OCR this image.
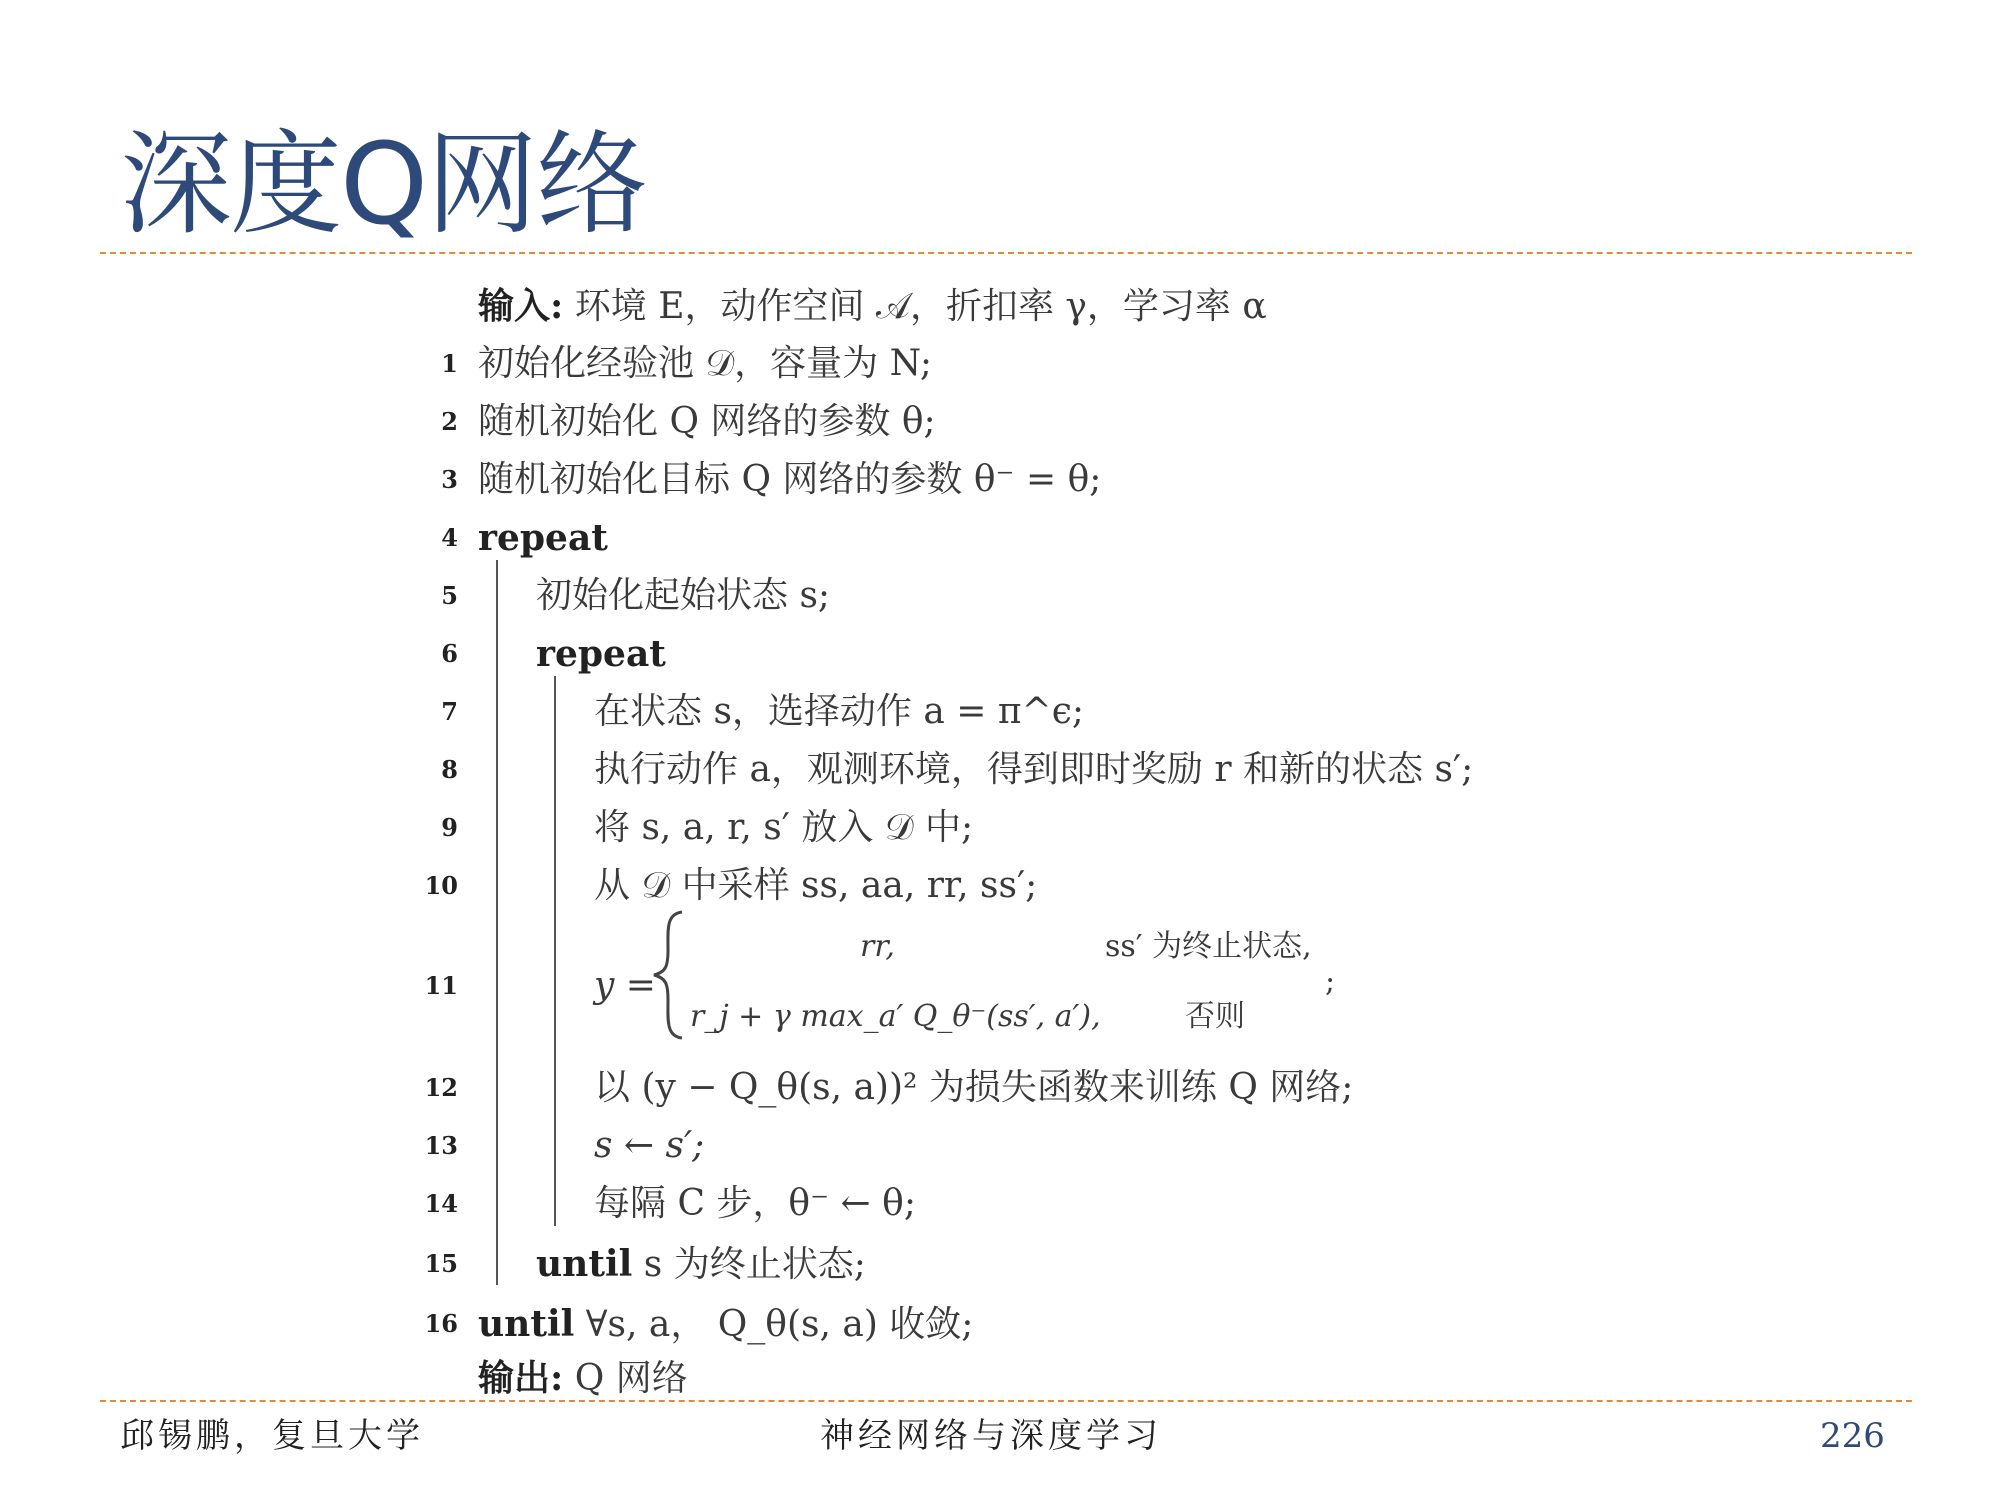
深度Q网络
输入: 环境 E，动作空间 𝒜，折扣率 γ，学习率 α
1 初始化经验池 𝒟，容量为 N;
2 随机初始化 Q 网络的参数 θ;
3 随机初始化目标 Q 网络的参数 θ⁻ = θ;
4 repeat
5 初始化起始状态 s;
6 repeat
7	在状态 s，选择动作 a = π^ϵ;
8	执行动作 a，观测环境，得到即时奖励 r 和新的状态 s′;
9	将 s, a, r, s′ 放入 𝒟 中;
10	从 𝒟 中采样 ss, aa, rr, ss′;
11	y =
rr,	ss′ 为终止状态,
r_j + γ max_a′ Q_θ⁻(ss′, a′),	否则
;
12	以 (y − Q_θ(s, a))² 为损失函数来训练 Q 网络;
13	s ← s′;
14	每隔 C 步，θ⁻ ← θ;
15 until s 为终止状态;
16 until ∀s, a， Q_θ(s, a) 收敛;
输出: Q 网络
邱锡鹏，复旦大学	神经网络与深度学习	226
